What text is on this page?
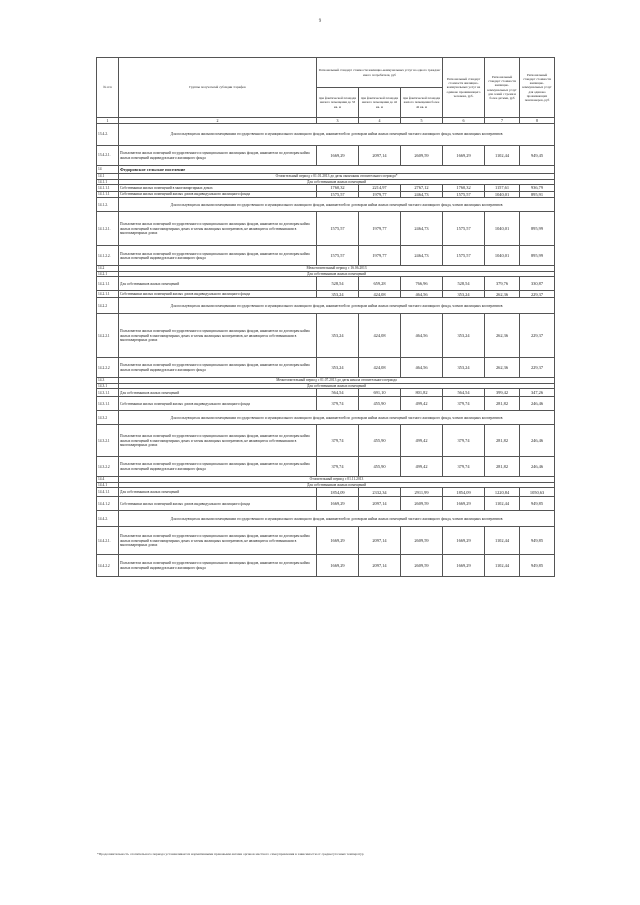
9
№ п/п	Группы получателей субсидии /тарифов	Региональный стандарт стоимости жилищно-коммунальных услуг на одного граждан/иного потребителя, руб			Региональный стандарт стоимости жилищно-коммунальных услуг на одиноко проживающего человека, руб.	Региональный стандарт стоимости жилищно-коммунальных услуг для семей с тремя и более детьми, руб	Региональный стандарт стоимости жилищно-коммунальных услуг для одиноко проживающих пенсионеров, руб
		при фактической площади жилого помещения до 33 кв. м	при фактической площади жилого помещения до 42 кв. м	при фактической площади жилого помещения более 42 кв. м			
1	2	3	4	5	6	7	8
13.4.2.	Для пользующихся жилыми помещениями государственного и муниципального жилищного фондов, нанимателей по договорам найма жилых помещений частного жилищного фонда, членов жилищных кооперативов						
13.4.2.1.	Пользователи жилых помещений государственного и муниципального жилищных фондов, наниматели по договорам найма жилых помещений индивидуального жилищного фонда	1669,29	2097,14	2609,59	1669,29	1102,44	949,45
14	Федоровское сельское поселение						
14.1	Отопительный период с 01.01.2013 до даты окончания отопительного периода*						
14.1.1	Для собственников жилых помещений						
14.1.1.1	Собственники жилых помещений в многоквартирных домах	1760,32	2214,97	2767,12	1760,32	1157,61	936,79
14.1.1.1	Собственники жилых помещений жилых домов индивидуального жилищного фонда	1575,57	1979,77	2464,73	1575,57	1040,01	895,91
14.1.2.	Для пользующихся жилыми помещениями государственного и муниципального жилищного фондов, нанимателей по договорам найма жилых помещений частного жилищного фонда, членов жилищных кооперативов						
14.1.2.1.	Пользователи жилых помещений государственного и муниципального жилищных фондов, наниматели по договорам найма жилых помещений в многоквартирных домах и члены жилищных кооперативов, не являющиеся собственниками в многоквартирных домах	1575,57	1979,77	2464,73	1575,57	1040,01	895,99
14.1.2.2.	Пользователи жилых помещений государственного и муниципального жилищных фондов, наниматели по договорам найма жилых помещений индивидуального жилищного фонда	1575,57	1979,77	2464,73	1575,57	1040,01	895,99
14.2	Межотопительный период с 16.06.2013						
14.2.1	Для собственников жилых помещений						
14.2.1.1	Для собственников жилых помещений	528,54	659,28	766,96	528,54	379,76	330,87
14.2.1.1	Собственники жилых помещений жилых домов индивидуального жилищного фонда	353,24	424,08	464,56	353,24	262,36	229,37
14.2.2	Для пользующихся жилыми помещениями государственного и муниципального жилищного фондов, нанимателей по договорам найма жилых помещений частного жилищного фонда, членов жилищных кооперативов						
14.2.2.1	Пользователи жилых помещений государственного и муниципального жилищных фондов, наниматели по договорам найма жилых помещений в многоквартирных домах и члены жилищных кооперативов, не являющиеся собственниками в многоквартирных домах	353,24	424,08	464,56	353,24	262,36	229,37
14.2.2.2	Пользователи жилых помещений государственного и муниципального жилищных фондов, наниматели по договорам найма жилых помещений индивидуального жилищного фонда	353,24	424,08	464,56	353,24	262,36	229,37
14.3	Межотопительный период с 01.07.2013 до даты начала отопительного периода						
14.3.1	Для собственников жилых помещений						
14.3.1.1	Для собственников жилых помещений	564,54	691,10	801,82	564,54	399,42	347,26
14.3.1.1	Собственники жилых помещений жилых домов индивидуального жилищного фонда	379,74	455,90	499,42	379,74	281,82	246,46
14.3.2	Для пользующихся жилыми помещениями государственного и муниципального жилищного фондов, нанимателей по договорам найма жилых помещений частного жилищного фонда, членов жилищных кооперативов						
14.3.2.1	Пользователи жилых помещений государственного и муниципального жилищных фондов, наниматели по договорам найма жилых помещений в многоквартирных домах и члены жилищных кооперативов, не являющиеся собственниками в многоквартирных домах	379,74	455,90	499,42	379,74	281,82	246,46
14.3.2.2	Пользователи жилых помещений государственного и муниципального жилищных фондов, наниматели по договорам найма жилых помещений индивидуального жилищного фонда	379,74	455,90	499,42	379,74	281,82	246,46
14.4	Отопительный период с 01.11.2013						
14.4.1	Для собственников жилых помещений						
14.4.1.1	Для собственников жилых помещений	1854,09	2332,34	2911,99	1854,09	1220,84	1050,63
14.4.1.2	Собственники жилых помещений жилых домов индивидуального жилищного фонда	1669,29	2097,14	2609,59	1669,29	1102,44	949,85
14.4.2.	Для пользующихся жилыми помещениями государственного и муниципального жилищного фондов, нанимателей по договорам найма жилых помещений частного жилищного фонда, членов жилищных кооперативов						
14.4.2.1.	Пользователи жилых помещений государственного и муниципального жилищных фондов, наниматели по договорам найма жилых помещений в многоквартирных домах и члены жилищных кооперативов, не являющиеся собственниками в многоквартирных домах	1669,29	2097,14	2609,59	1669,29	1102,44	949,85
14.4.2.2	Пользователи жилых помещений государственного и муниципального жилищных фондов, наниматели по договорам найма жилых помещений индивидуального жилищного фонда	1669,29	2097,14	2609,59	1669,29	1102,44	949,85
*Продолжительность отопительного периода устанавливается нормативными правовыми актами органов местного самоуправления в зависимости от среднесуточных температур
